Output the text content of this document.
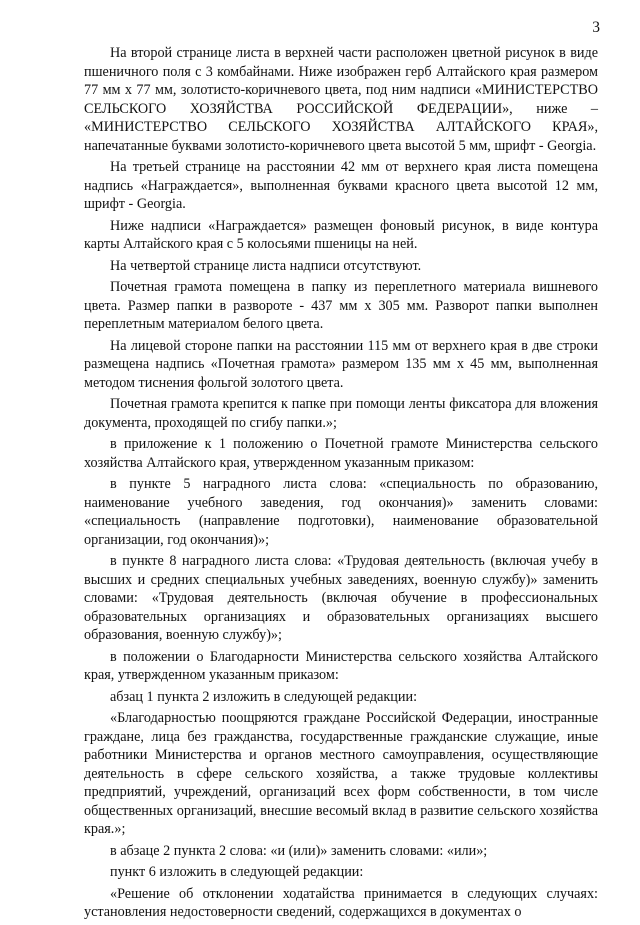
3

На второй странице листа в верхней части расположен цветной рисунок в виде пшеничного поля с 3 комбайнами. Ниже изображен герб Алтайского края размером 77 мм х 77 мм, золотисто-коричневого цвета, под ним надписи «МИНИСТЕРСТВО СЕЛЬСКОГО ХОЗЯЙСТВА РОССИЙСКОЙ ФЕДЕРАЦИИ», ниже – «МИНИСТЕРСТВО СЕЛЬСКОГО ХОЗЯЙСТВА АЛТАЙСКОГО КРАЯ», напечатанные буквами золотисто-коричневого цвета высотой 5 мм, шрифт - Georgia.

На третьей странице на расстоянии 42 мм от верхнего края листа помещена надпись «Награждается», выполненная буквами красного цвета высотой 12 мм, шрифт - Georgia.

Ниже надписи «Награждается» размещен фоновый рисунок, в виде контура карты Алтайского края с 5 колосьями пшеницы на ней.

На четвертой странице листа надписи отсутствуют.

Почетная грамота помещена в папку из переплетного материала вишневого цвета. Размер папки в развороте - 437 мм х 305 мм. Разворот папки выполнен переплетным материалом белого цвета.

На лицевой стороне папки на расстоянии 115 мм от верхнего края в две строки размещена надпись «Почетная грамота» размером 135 мм х 45 мм, выполненная методом тиснения фольгой золотого цвета.

Почетная грамота крепится к папке при помощи ленты фиксатора для вложения документа, проходящей по сгибу папки.»;

в приложение к 1 положению о Почетной грамоте Министерства сельского хозяйства Алтайского края, утвержденном указанным приказом:

в пункте 5 наградного листа слова: «специальность по образованию, наименование учебного заведения, год окончания)» заменить словами: «специальность (направление подготовки), наименование образовательной организации, год окончания)»;

в пункте 8 наградного листа слова: «Трудовая деятельность (включая учебу в высших и средних специальных учебных заведениях, военную службу)» заменить словами: «Трудовая деятельность (включая обучение в профессиональных образовательных организациях и образовательных организациях высшего образования, военную службу)»;

в положении о Благодарности Министерства сельского хозяйства Алтайского края, утвержденном указанным приказом:

абзац 1 пункта 2 изложить в следующей редакции:

«Благодарностью поощряются граждане Российской Федерации, иностранные граждане, лица без гражданства, государственные гражданские служащие, иные работники Министерства и органов местного самоуправления, осуществляющие деятельность в сфере сельского хозяйства, а также трудовые коллективы предприятий, учреждений, организаций всех форм собственности, в том числе общественных организаций, внесшие весомый вклад в развитие сельского хозяйства края.»;

в абзаце 2 пункта 2 слова: «и (или)» заменить словами: «или»;

пункт 6 изложить в следующей редакции:

«Решение об отклонении ходатайства принимается в следующих случаях: установления недостоверности сведений, содержащихся в документах о
